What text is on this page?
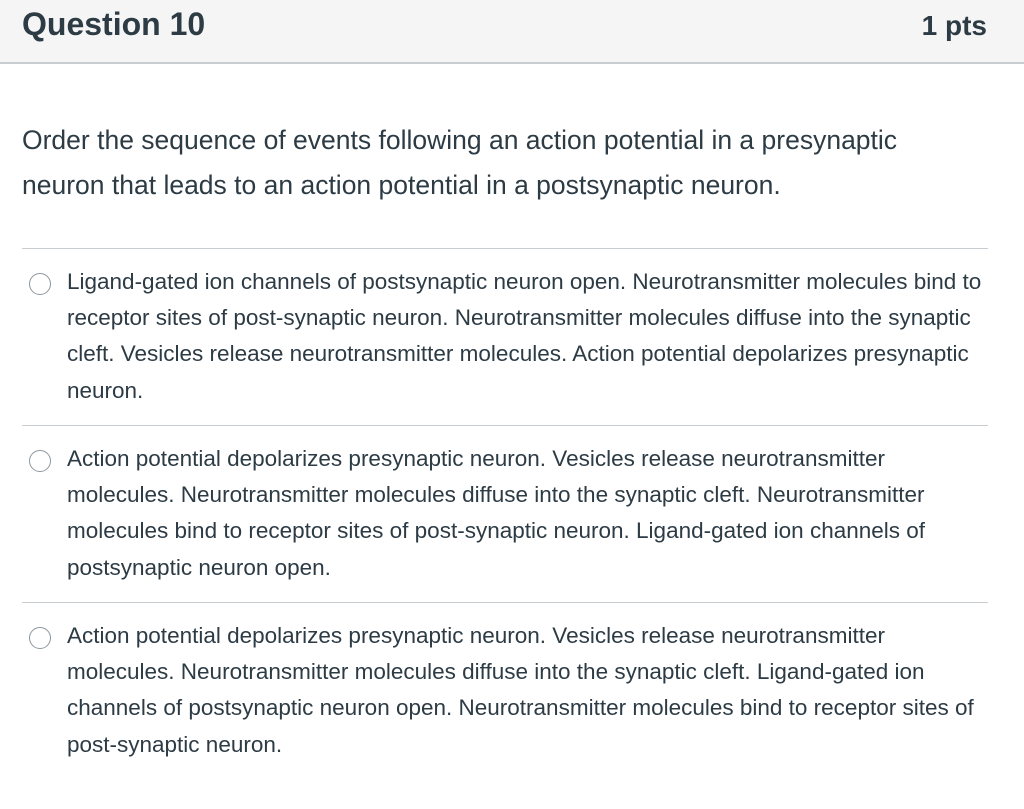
Question 10	1 pts
Order the sequence of events following an action potential in a presynaptic neuron that leads to an action potential in a postsynaptic neuron.
Ligand-gated ion channels of postsynaptic neuron open. Neurotransmitter molecules bind to receptor sites of post-synaptic neuron. Neurotransmitter molecules diffuse into the synaptic cleft. Vesicles release neurotransmitter molecules. Action potential depolarizes presynaptic neuron.
Action potential depolarizes presynaptic neuron. Vesicles release neurotransmitter molecules. Neurotransmitter molecules diffuse into the synaptic cleft. Neurotransmitter molecules bind to receptor sites of post-synaptic neuron. Ligand-gated ion channels of postsynaptic neuron open.
Action potential depolarizes presynaptic neuron. Vesicles release neurotransmitter molecules. Neurotransmitter molecules diffuse into the synaptic cleft. Ligand-gated ion channels of postsynaptic neuron open. Neurotransmitter molecules bind to receptor sites of post-synaptic neuron.
